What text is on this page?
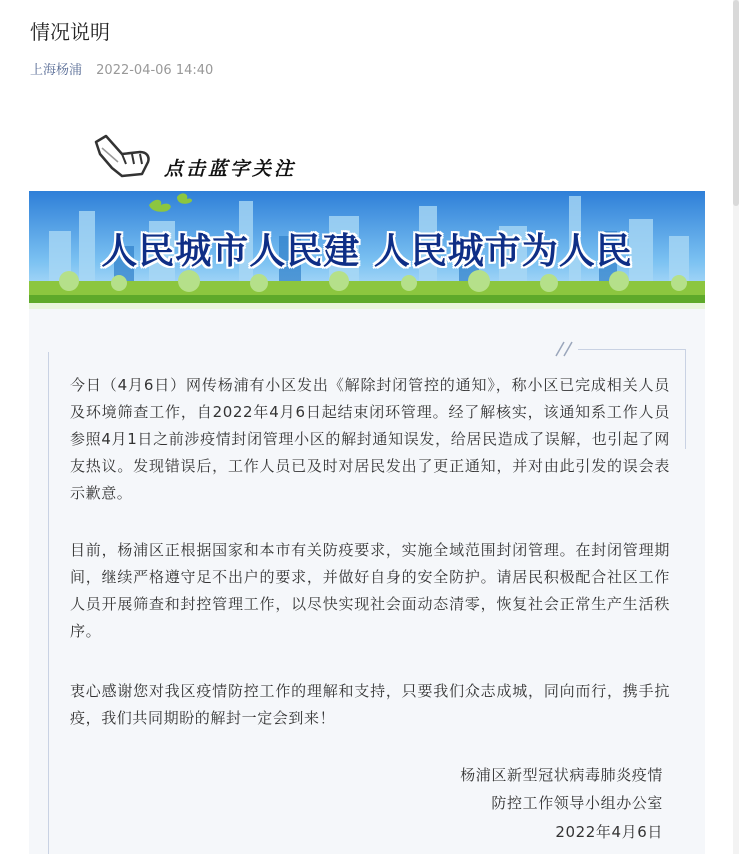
情况说明
上海杨浦 2022-04-06 14:40
点击蓝字关注
人民城市人民建 人民城市为人民

今日（4月6日）网传杨浦有小区发出《解除封闭管控的通知》，称小区已完成相关人员及环境筛查工作，自2022年4月6日起结束闭环管理。经了解核实，该通知系工作人员参照4月1日之前涉疫情封闭管理小区的解封通知误发，给居民造成了误解，也引起了网友热议。发现错误后，工作人员已及时对居民发出了更正通知，并对由此引发的误会表示歉意。

目前，杨浦区正根据国家和本市有关防疫要求，实施全域范围封闭管理。在封闭管理期间，继续严格遵守足不出户的要求，并做好自身的安全防护。请居民积极配合社区工作人员开展筛查和封控管理工作，以尽快实现社会面动态清零，恢复社会正常生产生活秩序。

衷心感谢您对我区疫情防控工作的理解和支持，只要我们众志成城，同向而行，携手抗疫，我们共同期盼的解封一定会到来！

杨浦区新型冠状病毒肺炎疫情
防控工作领导小组办公室
2022年4月6日
